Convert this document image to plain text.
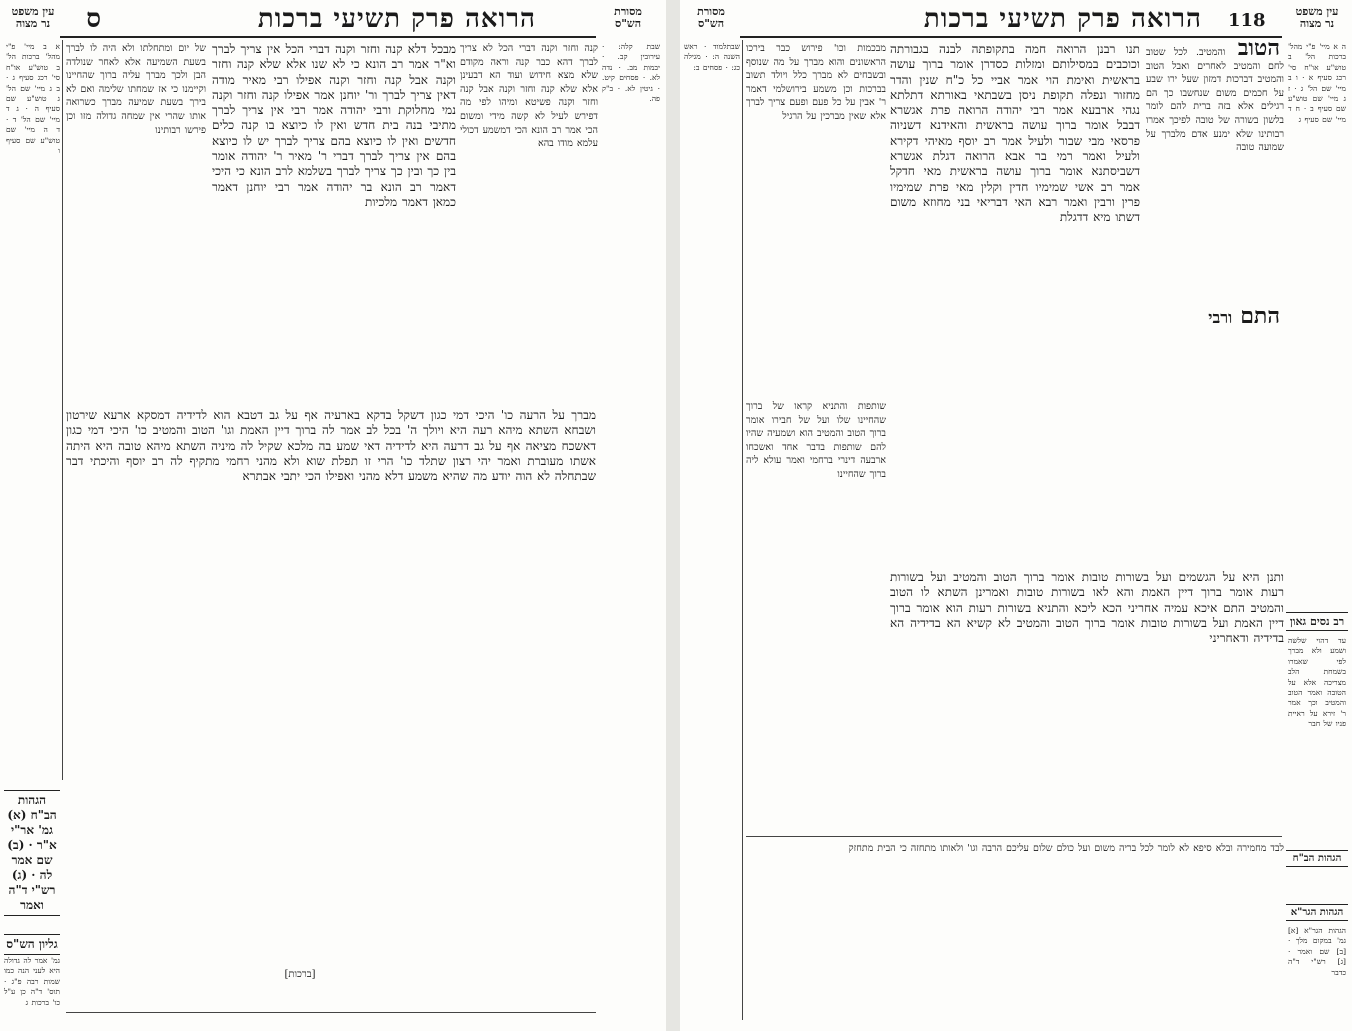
הרואה פרק תשיעי ברכות
ס
עין משפט
נר מצוה
מסורת
הש"ס
א ב מיי' פ"י מהל' ברכות הל' ב טוש"ע או"ח סי' רכג סעיף ג · ב ג מיי' שם הל' ג טוש"ע שם סעיף ה · ג ד מיי' שם הל' ד · ד ה מיי' שם טוש"ע שם סעיף ו
של יום ומתחלתו ולא היה לו לברך בשעת השמיעה אלא לאחר שנולדה הבן ולכך מברך עליה ברוך שהחיינו וקיימנו כי אז שמחתו שלימה ואם לא בירך בשעת שמיעה מברך כשרואה אותו שהרי אין שמחה גדולה מזו וכן פירשו רבותינו
קנה וחזר וקנה דברי הכל לא צריך לברך דהא כבר קנה וראה מקודם שלא מצא חידוש ועוד הא דבעינן אלא שלא קנה וחזר וקנה אבל קנה וחזר וקנה פשיטא ומיהו לפי מה דפירש לעיל לא קשה מידי ומשום הכי אמר רב הונא הכי דמשמע דכולי עלמא מודו בהא
מבכל דלא קנה וחזר וקנה דברי הכל אין צריך לברך וא"ר אמר רב הונא כי לא שנו אלא שלא קנה וחזר וקנה אבל קנה וחזר וקנה אפילו רבי מאיר מודה דאין צריך לברך ור' יוחנן אמר אפילו קנה וחזר וקנה נמי מחלוקת ורבי יהודה אמר רבי אין צריך לברך מתיבי בנה בית חדש ואין לו כיוצא בו קנה כלים חדשים ואין לו כיוצא בהם צריך לברך יש לו כיוצא בהם אין צריך לברך דברי ר' מאיר ר' יהודה אומר בין כך ובין כך צריך לברך בשלמא לרב הונא כי היכי דאמר רב הונא בר יהודה אמר רבי יוחנן דאמר כמאן דאמר מלכיות
שבת קלה: · עירובין קב. · יבמות מב. · נדה לא. · פסחים קיט. · גיטין לא. · ב"ק פה.
מברך על הרעה כו' היכי דמי כגון דשקל בדקא בארעיה אף על גב דטבא הוא לדידיה דמסקא ארעא שירטון ושבחא השתא מיהא רעה היא ויולך ה' בכל לב אמר לה ברוך דיין האמת וגו' הטוב והמטיב כו' היכי דמי כגון דאשכח מציאה אף על גב דרעה היא לדידיה דאי שמע בה מלכא שקיל לה מיניה השתא מיהא טובה היא היתה אשתו מעוברת ואמר יהי רצון שתלד כו' הרי זו תפלת שוא ולא מהני רחמי מתקיף לה רב יוסף והיכתי דבר שבתחלה לא הוה יודע מה שהיא משמע דלא מהני ואפילו הכי יתבי אבתרא
הגהות הב"ח (א) גמ' אר"י א"ר · (ב) שם אמר לה · (ג) רש"י ד"ה ואמר
גליון הש"ס
גמ' אמר לה גדולה היא לעני הנה כמו שמות רבה פ"ג · תוס' ד"ה כן ע"ל כו' ברכות ג
[ברכות]
מסורת
הש"ס	הרואה פרק תשיעי ברכות 118	עין משפט
נר מצוה
שבתלמוד · ראש השנה ה: · מגילה כג: · פסחים ב:
מבכמות וכו' פירוש כבר בירכו הראשונים והוא מברך על מה שנוסף ובשבחים לא מברך כלל ויולד תשוב בברכות וכן משמע בירושלמי דאמר ר' אבין על כל פעם ופעם צריך לברך אלא שאין מברכין על הרגיל
תנו רבנן הרואה חמה בתקופתה לבנה בגבורתה וכוכבים במסילותם ומזלות כסדרן אומר ברוך עושה בראשית ואימת הוי אמר אביי כל כ"ח שנין והדר מחזור ונפלה תקופת ניסן בשבתאי באורתא דתלתא נגהי ארבעא אמר רבי יהודה הרואה פרת אגשרא דבבל אומר ברוך עושה בראשית והאידנא דשניוה פרסאי מבי שבור ולעיל אמר רב יוסף מאיהי דקירא ולעיל ואמר רמי בר אבא הרואה דגלת אגשרא דשביסתנא אומר ברוך עושה בראשית מאי חדקל אמר רב אשי שמימיו חדין וקלין מאי פרת שמימיו פרין ורבין ואמר רבא האי דבריאי בני מחוזא משום דשתו מיא דדגלת
הטוב והמטיב. לכל שטוב לחם והמטיב לאחרים ואבל הטוב והמטיב דברכות דמזון שעל ירו שבע על חכמים משום שנחשבו כך הם רגילים אלא בזה ברית להם לומר בלשון בשורה של טובה לפיכך אמרו רבותינו שלא ימנע אדם מלברך על שמועה טובה
התם ורבי
ה א מיי' פ"י מהל' ברכות הל' ב טוש"ע או"ח סי' רכג סעיף א · ו ב מיי' שם הל' ג · ז ג מיי' שם טוש"ע שם סעיף ב · ח ד מיי' שם סעיף ג
רב נסים גאון
עד דהוי שלשה ושמע ולא מברך לפי שאמרו בשמחת הלב מצריכה אלא על הטובה ואמר הטוב והמטיב וכך אמר ר' זירא על ראיית פניו של חבר
הגהות הב"ח
הגהות הגר"א
הגהות הגר"א [א] גמ' במקום מלך · [ב] שם ואמר · [ג] רש"י ד"ה כדבר
ותנן היא על הגשמים ועל בשורות טובות אומר ברוך הטוב והמטיב ועל בשורות רעות אומר ברוך דיין האמת והא לאו בשורות טובות ואמרינן השתא לו הטוב והמטיב התם איכא עמיה אחריני הכא ליכא והתניא בשורות רעות הוא אומר ברוך דיין האמת ועל בשורות טובות אומר ברוך הטוב והמטיב לא קשיא הא בדידיה הא בדידיה ודאחריני
שותפות והתניא קראו של ברוך שהחיינו שלו ועל של חבירו אומר ברוך הטוב והמטיב הוא ושמעיה שהיו להם שותפות בדבר אחד ואשכחו ארבעה דינרי ברחמי ואמר עולא ליה ברוך שהחיינו
לבד מחמירה ובלא סיפא לא לומר לכל בריה משום ועל כולם שלום עליכם הרבה וגו' ולאותו מתחזה כי הבית מתחזק
